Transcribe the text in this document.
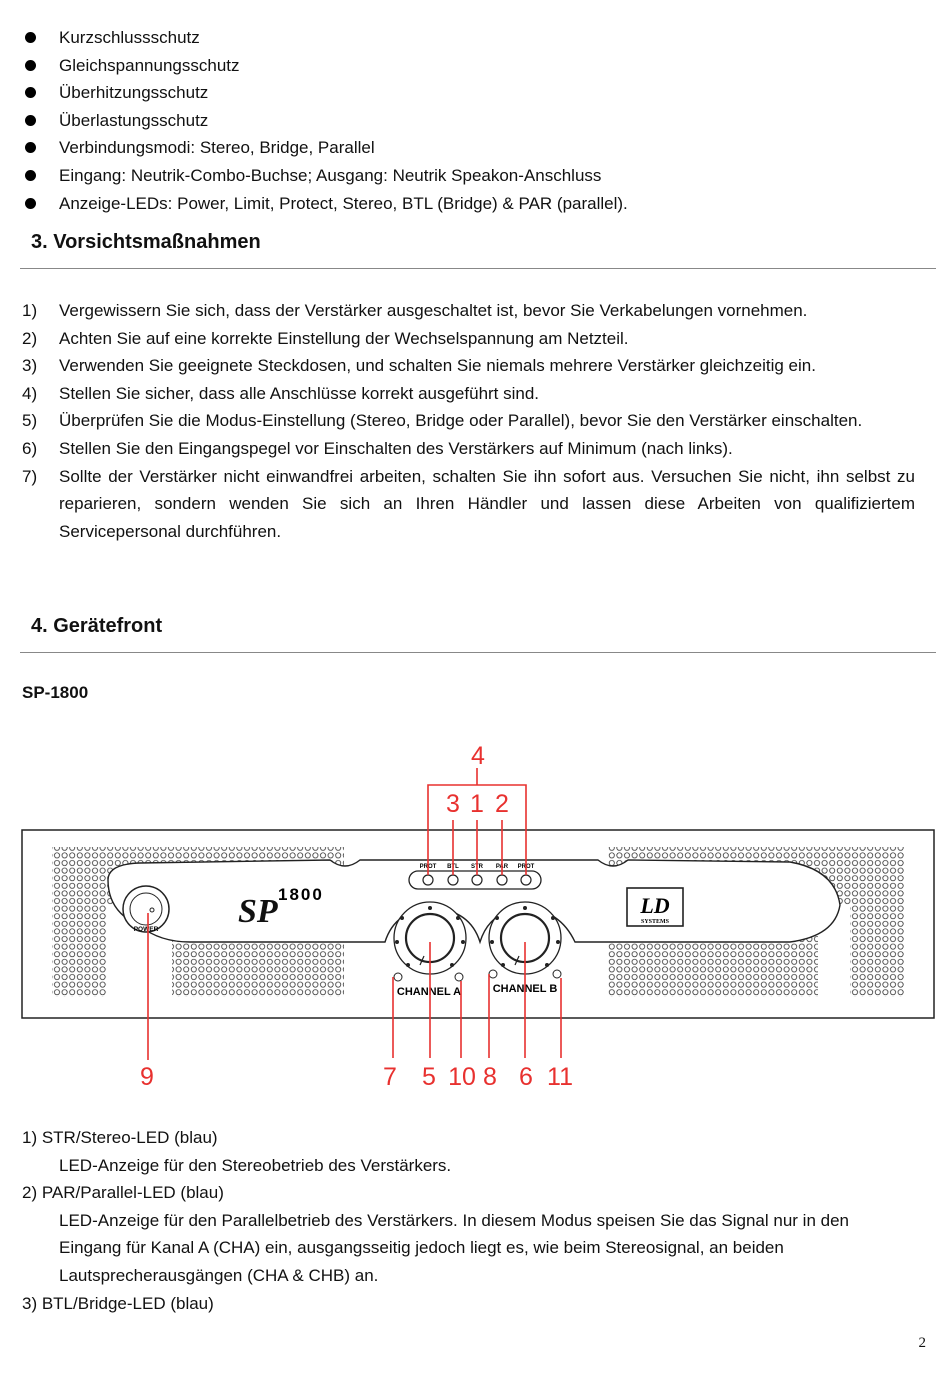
Kurzschlussschutz
Gleichspannungsschutz
Überhitzungsschutz
Überlastungsschutz
Verbindungsmodi: Stereo, Bridge, Parallel
Eingang: Neutrik-Combo-Buchse; Ausgang: Neutrik Speakon-Anschluss
Anzeige-LEDs: Power, Limit, Protect, Stereo, BTL (Bridge) & PAR (parallel).
3. Vorsichtsmaßnahmen
1) Vergewissern Sie sich, dass der Verstärker ausgeschaltet ist, bevor Sie Verkabelungen vornehmen.
2) Achten Sie auf eine korrekte Einstellung der Wechselspannung am Netzteil.
3) Verwenden Sie geeignete Steckdosen, und schalten Sie niemals mehrere Verstärker gleichzeitig ein.
4) Stellen Sie sicher, dass alle Anschlüsse korrekt ausgeführt sind.
5) Überprüfen Sie die Modus-Einstellung (Stereo, Bridge oder Parallel), bevor Sie den Verstärker einschalten.
6) Stellen Sie den Eingangspegel vor Einschalten des Verstärkers auf Minimum (nach links).
7) Sollte der Verstärker nicht einwandfrei arbeiten, schalten Sie ihn sofort aus. Versuchen Sie nicht, ihn selbst zu reparieren, sondern wenden Sie sich an Ihren Händler und lassen diese Arbeiten von qualifiziertem Servicepersonal durchführen.
4. Gerätefront
SP-1800
PROT BTL STR PAR PROT
POWER SP 1800	LD
SYSTEMS
CHANNEL A	CHANNEL B
4
3 1 2
9	7 5 10 8 6 11
1) STR/Stereo-LED (blau)
LED-Anzeige für den Stereobetrieb des Verstärkers.
2) PAR/Parallel-LED (blau)
LED-Anzeige für den Parallelbetrieb des Verstärkers. In diesem Modus speisen Sie das Signal nur in den Eingang für Kanal A (CHA) ein, ausgangsseitig jedoch liegt es, wie beim Stereosignal, an beiden Lautsprecherausgängen (CHA & CHB) an.
3) BTL/Bridge-LED (blau)
2
